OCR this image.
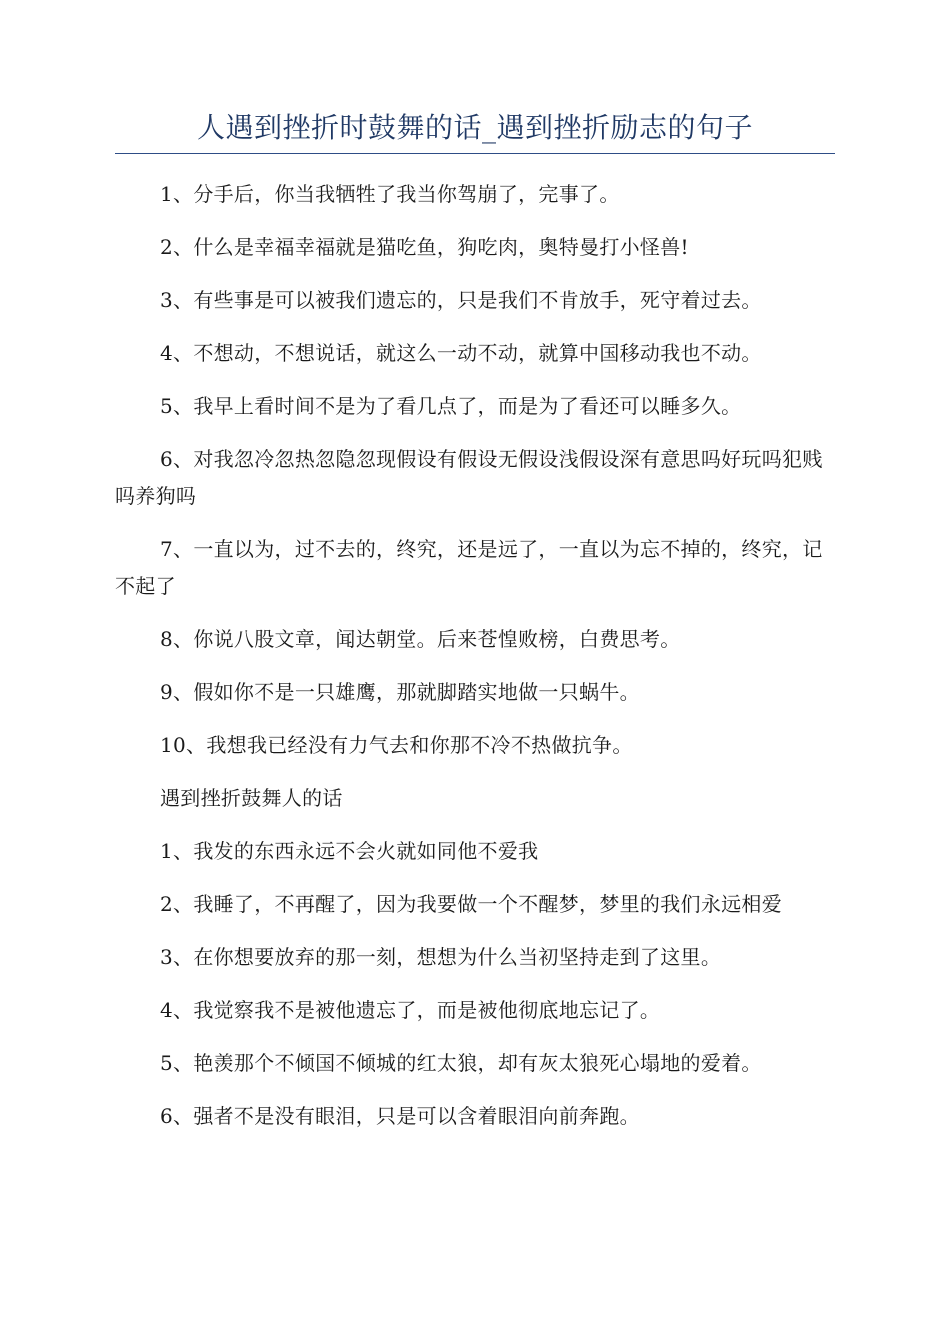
人遇到挫折时鼓舞的话_遇到挫折励志的句子

1、分手后，你当我牺牲了我当你驾崩了，完事了。

2、什么是幸福幸福就是猫吃鱼，狗吃肉，奥特曼打小怪兽!

3、有些事是可以被我们遗忘的，只是我们不肯放手，死守着过去。

4、不想动，不想说话，就这么一动不动，就算中国移动我也不动。

5、我早上看时间不是为了看几点了，而是为了看还可以睡多久。

6、对我忽冷忽热忽隐忽现假设有假设无假设浅假设深有意思吗好玩吗犯贱吗养狗吗

7、一直以为，过不去的，终究，还是远了，一直以为忘不掉的，终究，记不起了

8、你说八股文章，闻达朝堂。后来苍惶败榜，白费思考。

9、假如你不是一只雄鹰，那就脚踏实地做一只蜗牛。

10、我想我已经没有力气去和你那不冷不热做抗争。

遇到挫折鼓舞人的话

1、我发的东西永远不会火就如同他不爱我

2、我睡了，不再醒了，因为我要做一个不醒梦，梦里的我们永远相爱

3、在你想要放弃的那一刻，想想为什么当初坚持走到了这里。

4、我觉察我不是被他遗忘了，而是被他彻底地忘记了。

5、艳羡那个不倾国不倾城的红太狼，却有灰太狼死心塌地的爱着。

6、强者不是没有眼泪，只是可以含着眼泪向前奔跑。
